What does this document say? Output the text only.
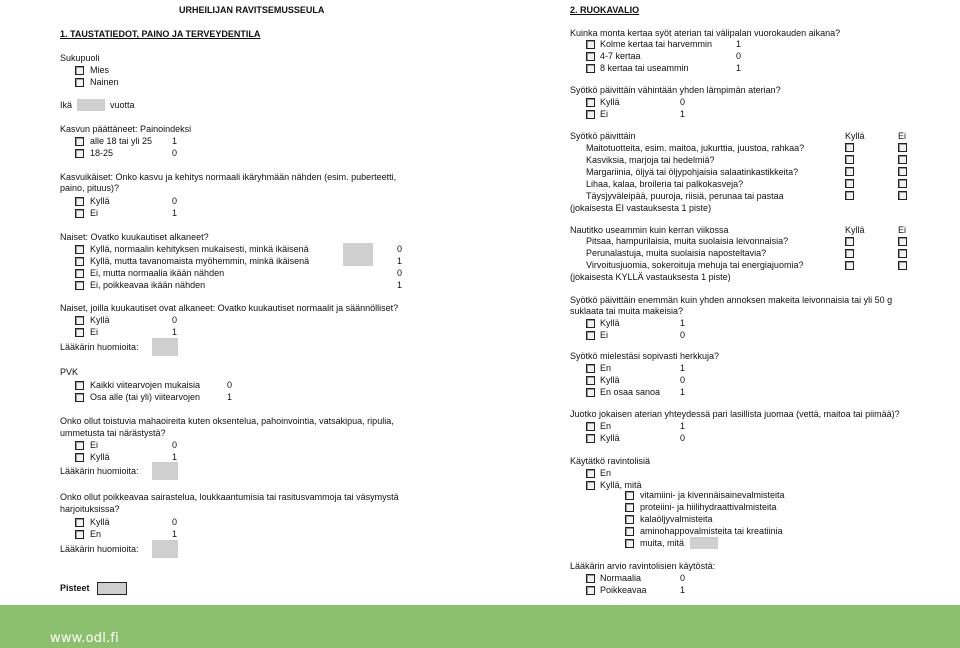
URHEILIJAN RAVITSEMUSSEULA
1. TAUSTATIEDOT, PAINO JA TERVEYDENTILA
Sukupuoli
Mies
Nainen
Ikä	vuotta
Kasvun päättäneet: Painoindeksi
alle 18 tai yli 25 1
18-25	0
Kasvuikäiset: Onko kasvu ja kehitys normaali ikäryhmään nähden (esim. puberteetti,
paino, pituus)?
Kyllä	0
Ei	1
Naiset: Ovatko kuukautiset alkaneet?
Kyllä, normaalin kehityksen mukaisesti, minkä ikäisenä	0
Kyllä, mutta tavanomaista myöhemmin, minkä ikäisenä	1
Ei, mutta normaalia ikään nähden	0
Ei, poikkeavaa ikään nähden	1
Naiset, joilla kuukautiset ovat alkaneet: Ovatko kuukautiset normaalit ja säännölliset?
Kyllä	0
Ei	1
Lääkärin huomioita:
PVK
Kaikki viitearvojen mukaisia	0
Osa alle (tai yli) viitearvojen	1
Onko ollut toistuvia mahaoireita kuten oksentelua, pahoinvointia, vatsakipua, ripulia,
ummetusta tai närästystä?
Ei	0
Kyllä	1
Lääkärin huomioita:
Onko ollut poikkeavaa sairastelua, loukkaantumisia tai rasitusvammoja tai väsymystä
harjoituksissa?
Kyllä	0
En	1
Lääkärin huomioita:
Pisteet
2. RUOKAVALIO
Kuinka monta kertaa syöt aterian tai välipalan vuorokauden aikana?
Kolme kertaa tai harvemmin	1
4-7 kertaa	0
8 kertaa tai useammin	1
Syötkö päivittäin vähintään yhden lämpimän aterian?
Kyllä	0
Ei	1
Syötkö päivittäin	Kyllä	Ei
Maitotuotteita, esim. maitoa, jukurttia, juustoa, rahkaa?
Kasviksia, marjoja tai hedelmiä?
Margariinia, öljyä tai öljypohjaisia salaatinkastikkeita?
Lihaa, kalaa, broileria tai palkokasveja?
Täysjyväleipää, puuroja, riisiä, perunaa tai pastaa
(jokaisesta EI vastauksesta 1 piste)
Nautitko useammin kuin kerran viikossa	Kyllä	Ei
Pitsaa, hampurilaisia, muita suolaisia leivonnaisia?
Perunalastuja, muita suolaisia naposteltavia?
Virvoitusjuomia, sokeroituja mehuja tai energiajuomia?
(jokaisesta KYLLÄ vastauksesta 1 piste)
Syötkö päivittäin enemmän kuin yhden annoksen makeita leivonnaisia tai yli 50 g
suklaata tai muita makeisia?
Kyllä	1
Ei	0
Syötkö mielestäsi sopivasti herkkuja?
En	1
Kyllä	0
En osaa sanoa 1
Juotko jokaisen aterian yhteydessä pari lasillista juomaa (vettä, maitoa tai piimää)?
En	1
Kyllä	0
Käytätkö ravintolisiä
En
Kyllä, mitä
vitamiini- ja kivennäisainevalmisteita
proteiini- ja hiilihydraattivalmisteita
kalaöljyvalmisteita
aminohappovalmisteita tai kreatiinia
muita, mitä
Lääkärin arvio ravintolisien käytöstä:
Normaalia	0
Poikkeavaa	1
www.odl.fi
